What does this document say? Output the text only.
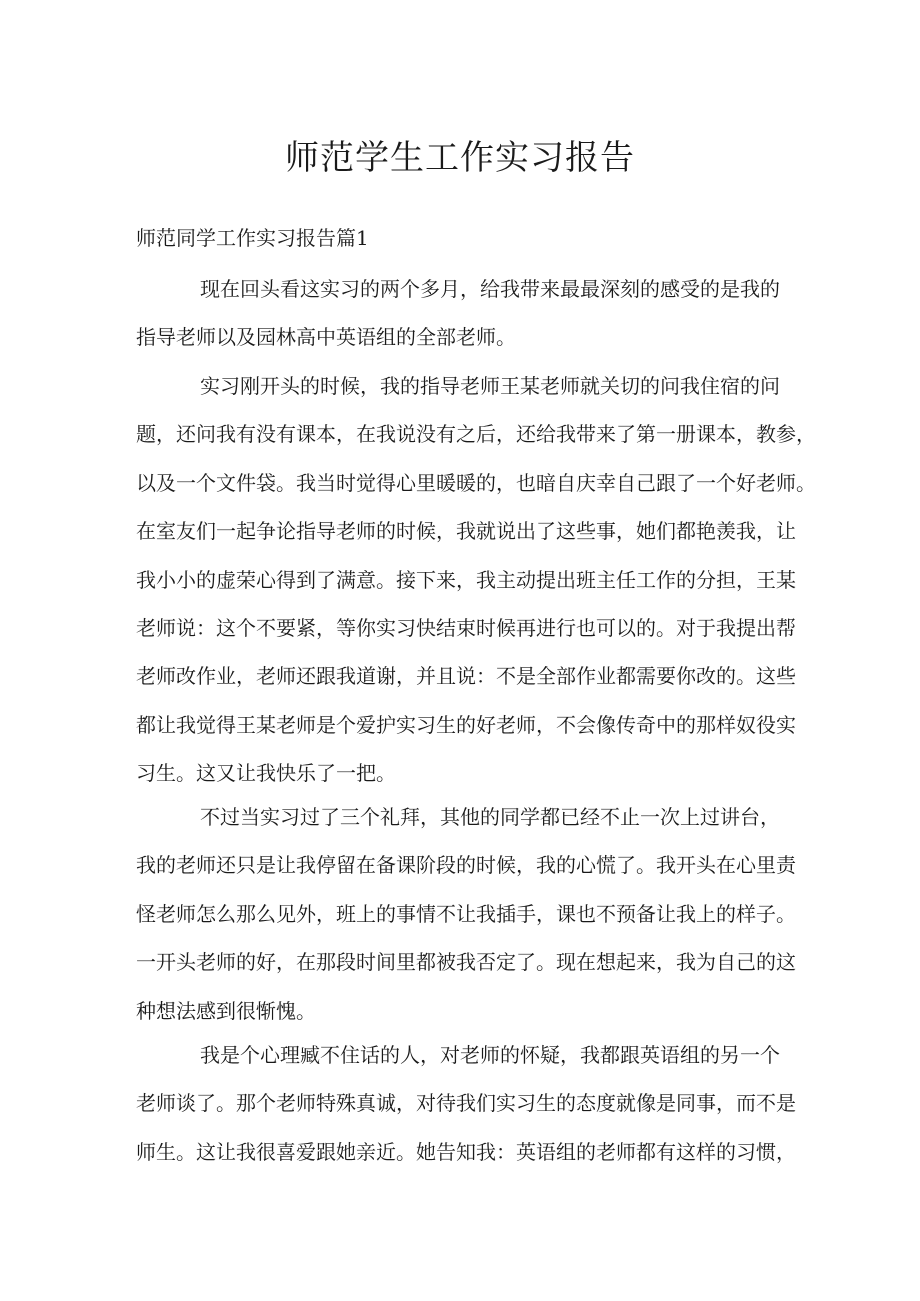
师范学生工作实习报告

师范同学工作实习报告篇1

现在回头看这实习的两个多月，给我带来最最深刻的感受的是我的
指导老师以及园林高中英语组的全部老师。
实习刚开头的时候，我的指导老师王某老师就关切的问我住宿的问
题，还问我有没有课本，在我说没有之后，还给我带来了第一册课本，教参，
以及一个文件袋。我当时觉得心里暖暖的，也暗自庆幸自己跟了一个好老师。
在室友们一起争论指导老师的时候，我就说出了这些事，她们都艳羡我，让
我小小的虚荣心得到了满意。接下来，我主动提出班主任工作的分担，王某
老师说：这个不要紧，等你实习快结束时候再进行也可以的。对于我提出帮
老师改作业，老师还跟我道谢，并且说：不是全部作业都需要你改的。这些
都让我觉得王某老师是个爱护实习生的好老师，不会像传奇中的那样奴役实
习生。这又让我快乐了一把。
不过当实习过了三个礼拜，其他的同学都已经不止一次上过讲台，
我的老师还只是让我停留在备课阶段的时候，我的心慌了。我开头在心里责
怪老师怎么那么见外，班上的事情不让我插手，课也不预备让我上的样子。
一开头老师的好，在那段时间里都被我否定了。现在想起来，我为自己的这
种想法感到很惭愧。
我是个心理臧不住话的人，对老师的怀疑，我都跟英语组的另一个
老师谈了。那个老师特殊真诚，对待我们实习生的态度就像是同事，而不是
师生。这让我很喜爱跟她亲近。她告知我：英语组的老师都有这样的习惯，
